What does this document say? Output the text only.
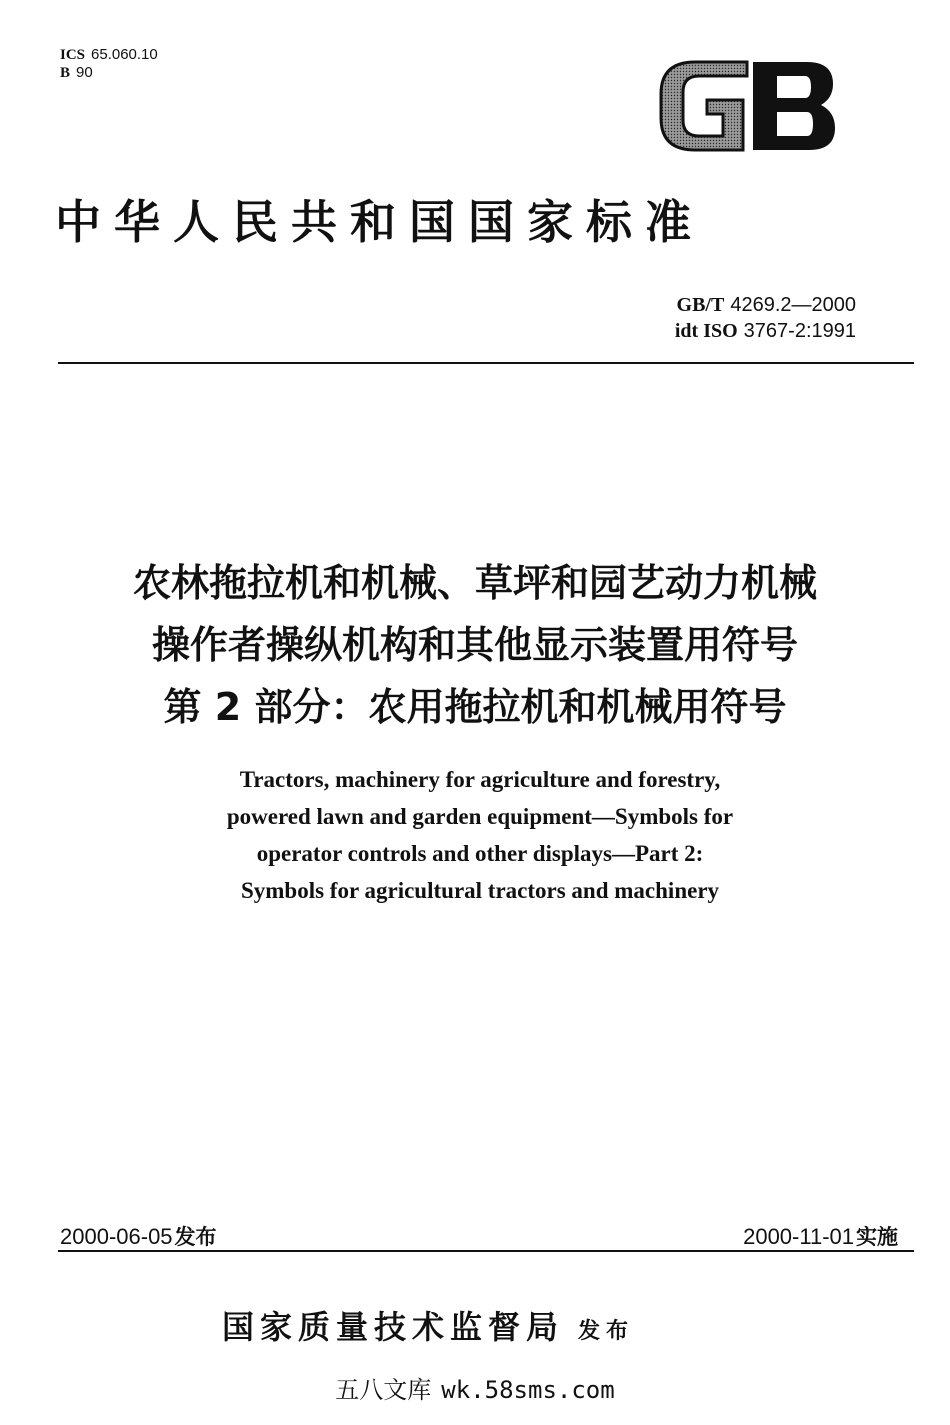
ICS 65.060.10
B 90
中华人民共和国国家标准
GB/T 4269.2—2000
idt ISO 3767-2:1991
农林拖拉机和机械、草坪和园艺动力机械
操作者操纵机构和其他显示装置用符号
第 2 部分：农用拖拉机和机械用符号
Tractors, machinery for agriculture and forestry,
powered lawn and garden equipment—Symbols for
operator controls and other displays—Part 2:
Symbols for agricultural tractors and machinery
2000-06-05发布	2000-11-01实施
国家质量技术监督局 发布
五八文库 wk.58sms.com
